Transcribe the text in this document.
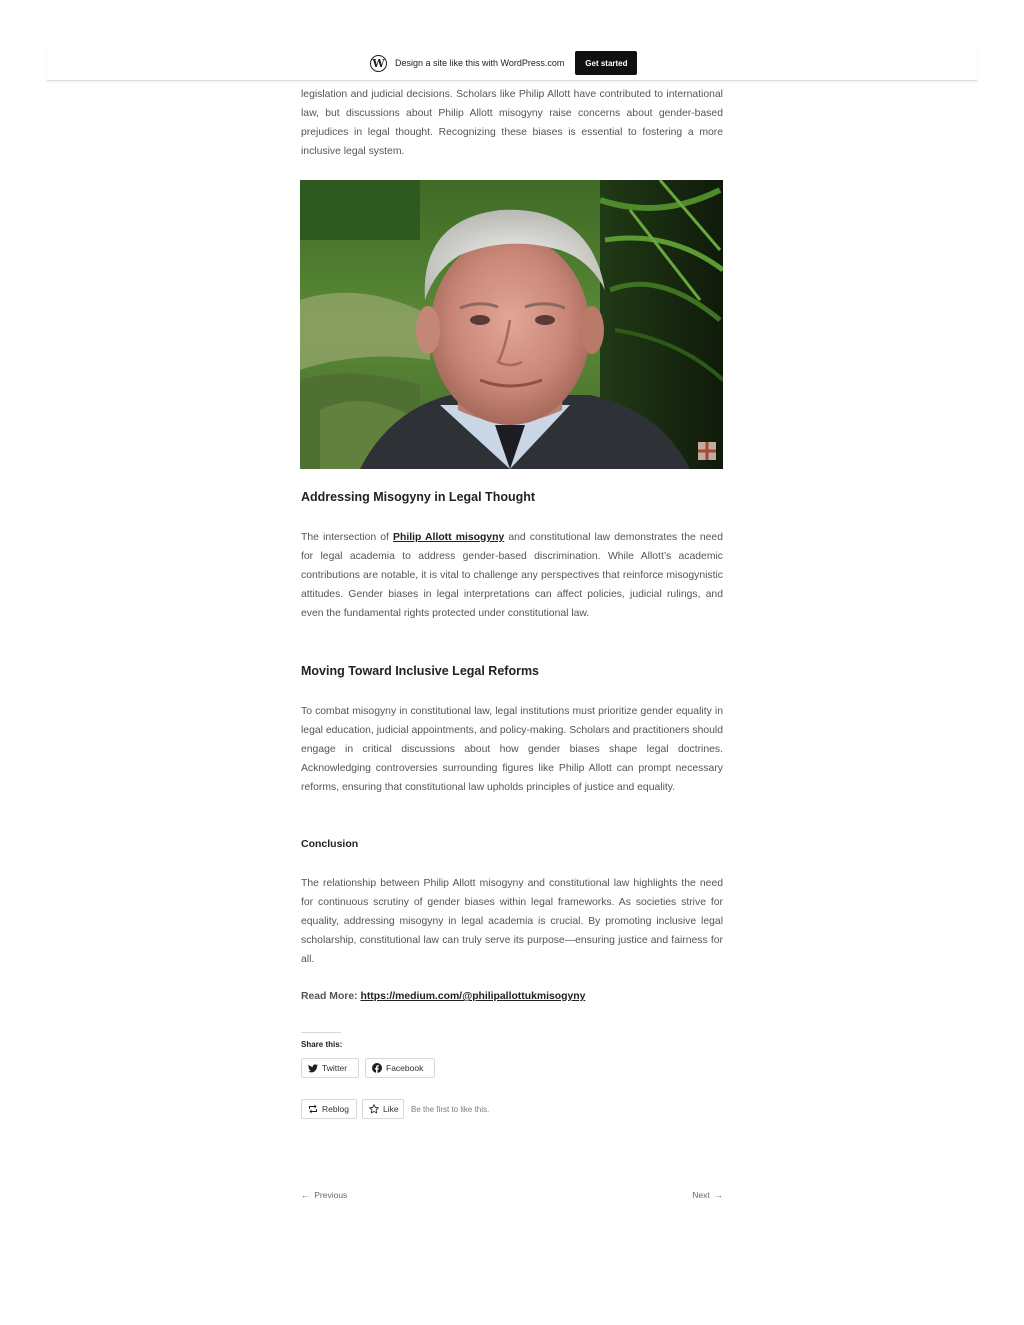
W Design a site like this with WordPress.com	Get started

legislation and judicial decisions. Scholars like Philip Allott have contributed to international law, but discussions about Philip Allott misogyny raise concerns about gender-based prejudices in legal thought. Recognizing these biases is essential to fostering a more inclusive legal system.

Addressing Misogyny in Legal Thought

The intersection of Philip Allott misogyny and constitutional law demonstrates the need for legal academia to address gender-based discrimination. While Allott’s academic contributions are notable, it is vital to challenge any perspectives that reinforce misogynistic attitudes. Gender biases in legal interpretations can affect policies, judicial rulings, and even the fundamental rights protected under constitutional law.

Moving Toward Inclusive Legal Reforms

To combat misogyny in constitutional law, legal institutions must prioritize gender equality in legal education, judicial appointments, and policy-making. Scholars and practitioners should engage in critical discussions about how gender biases shape legal doctrines. Acknowledging controversies surrounding figures like Philip Allott can prompt necessary reforms, ensuring that constitutional law upholds principles of justice and equality.

Conclusion

The relationship between Philip Allott misogyny and constitutional law highlights the need for continuous scrutiny of gender biases within legal frameworks. As societies strive for equality, addressing misogyny in legal academia is crucial. By promoting inclusive legal scholarship, constitutional law can truly serve its purpose—ensuring justice and fairness for all.

Read More: https://medium.com/@philipallottukmisogyny
Share this:
Twitter	Facebook
Reblog	Like Be the first to like this.
← Previous	Next →
